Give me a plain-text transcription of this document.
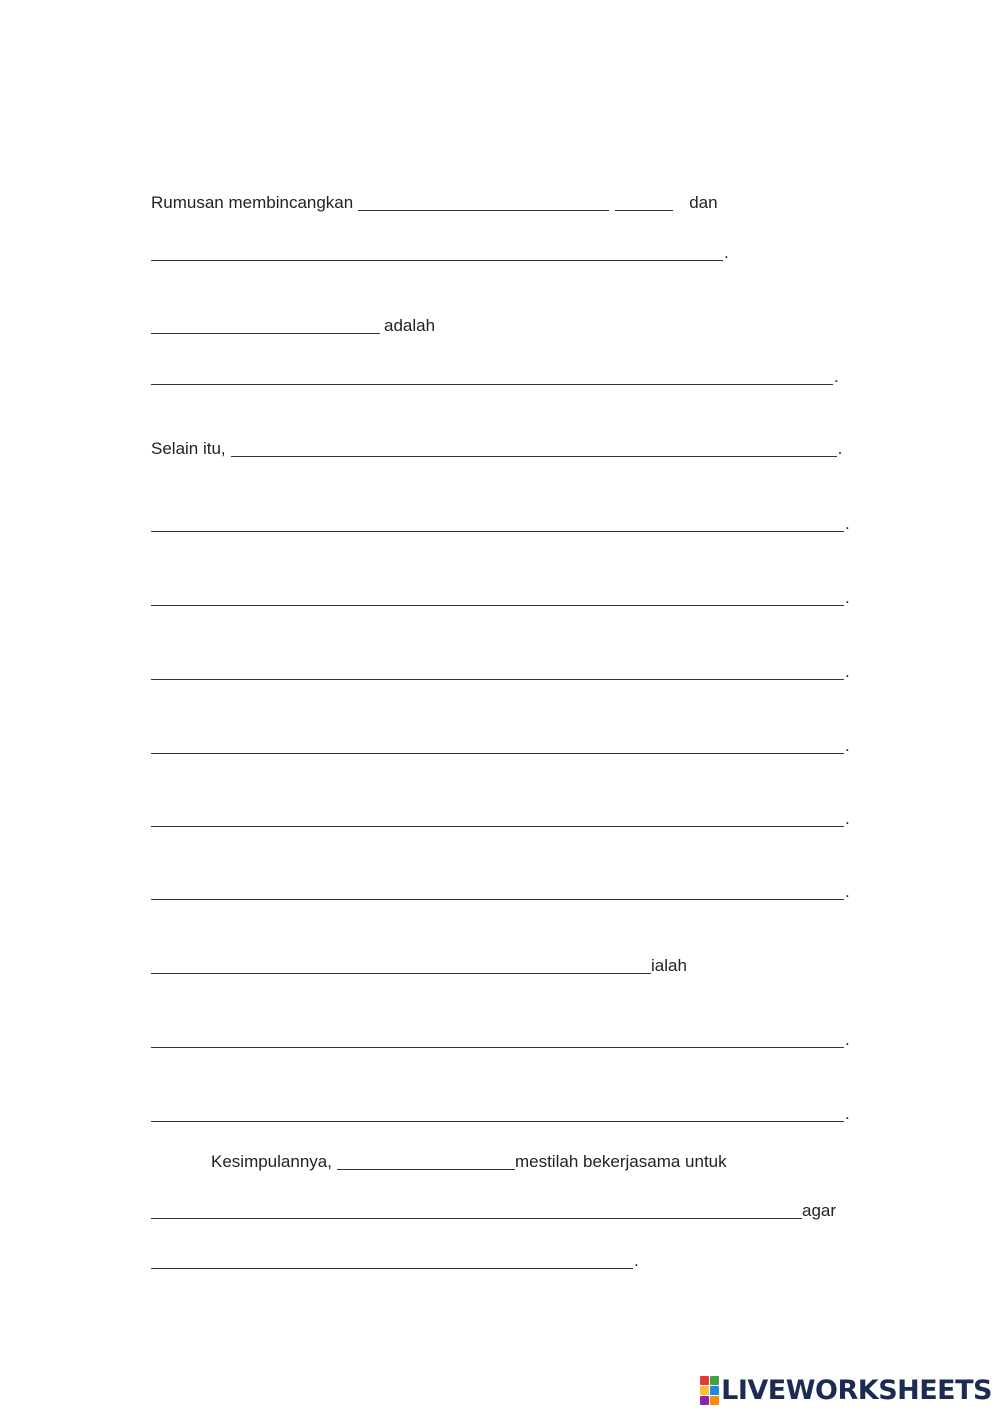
Rumusan membincangkan	dan
.
adalah
.
Selain itu,	.
.
.
.
.
.
.
ialah
.
.
Kesimpulannya,	mestilah bekerjasama untuk
agar
.
LIVEWORKSHEETS
